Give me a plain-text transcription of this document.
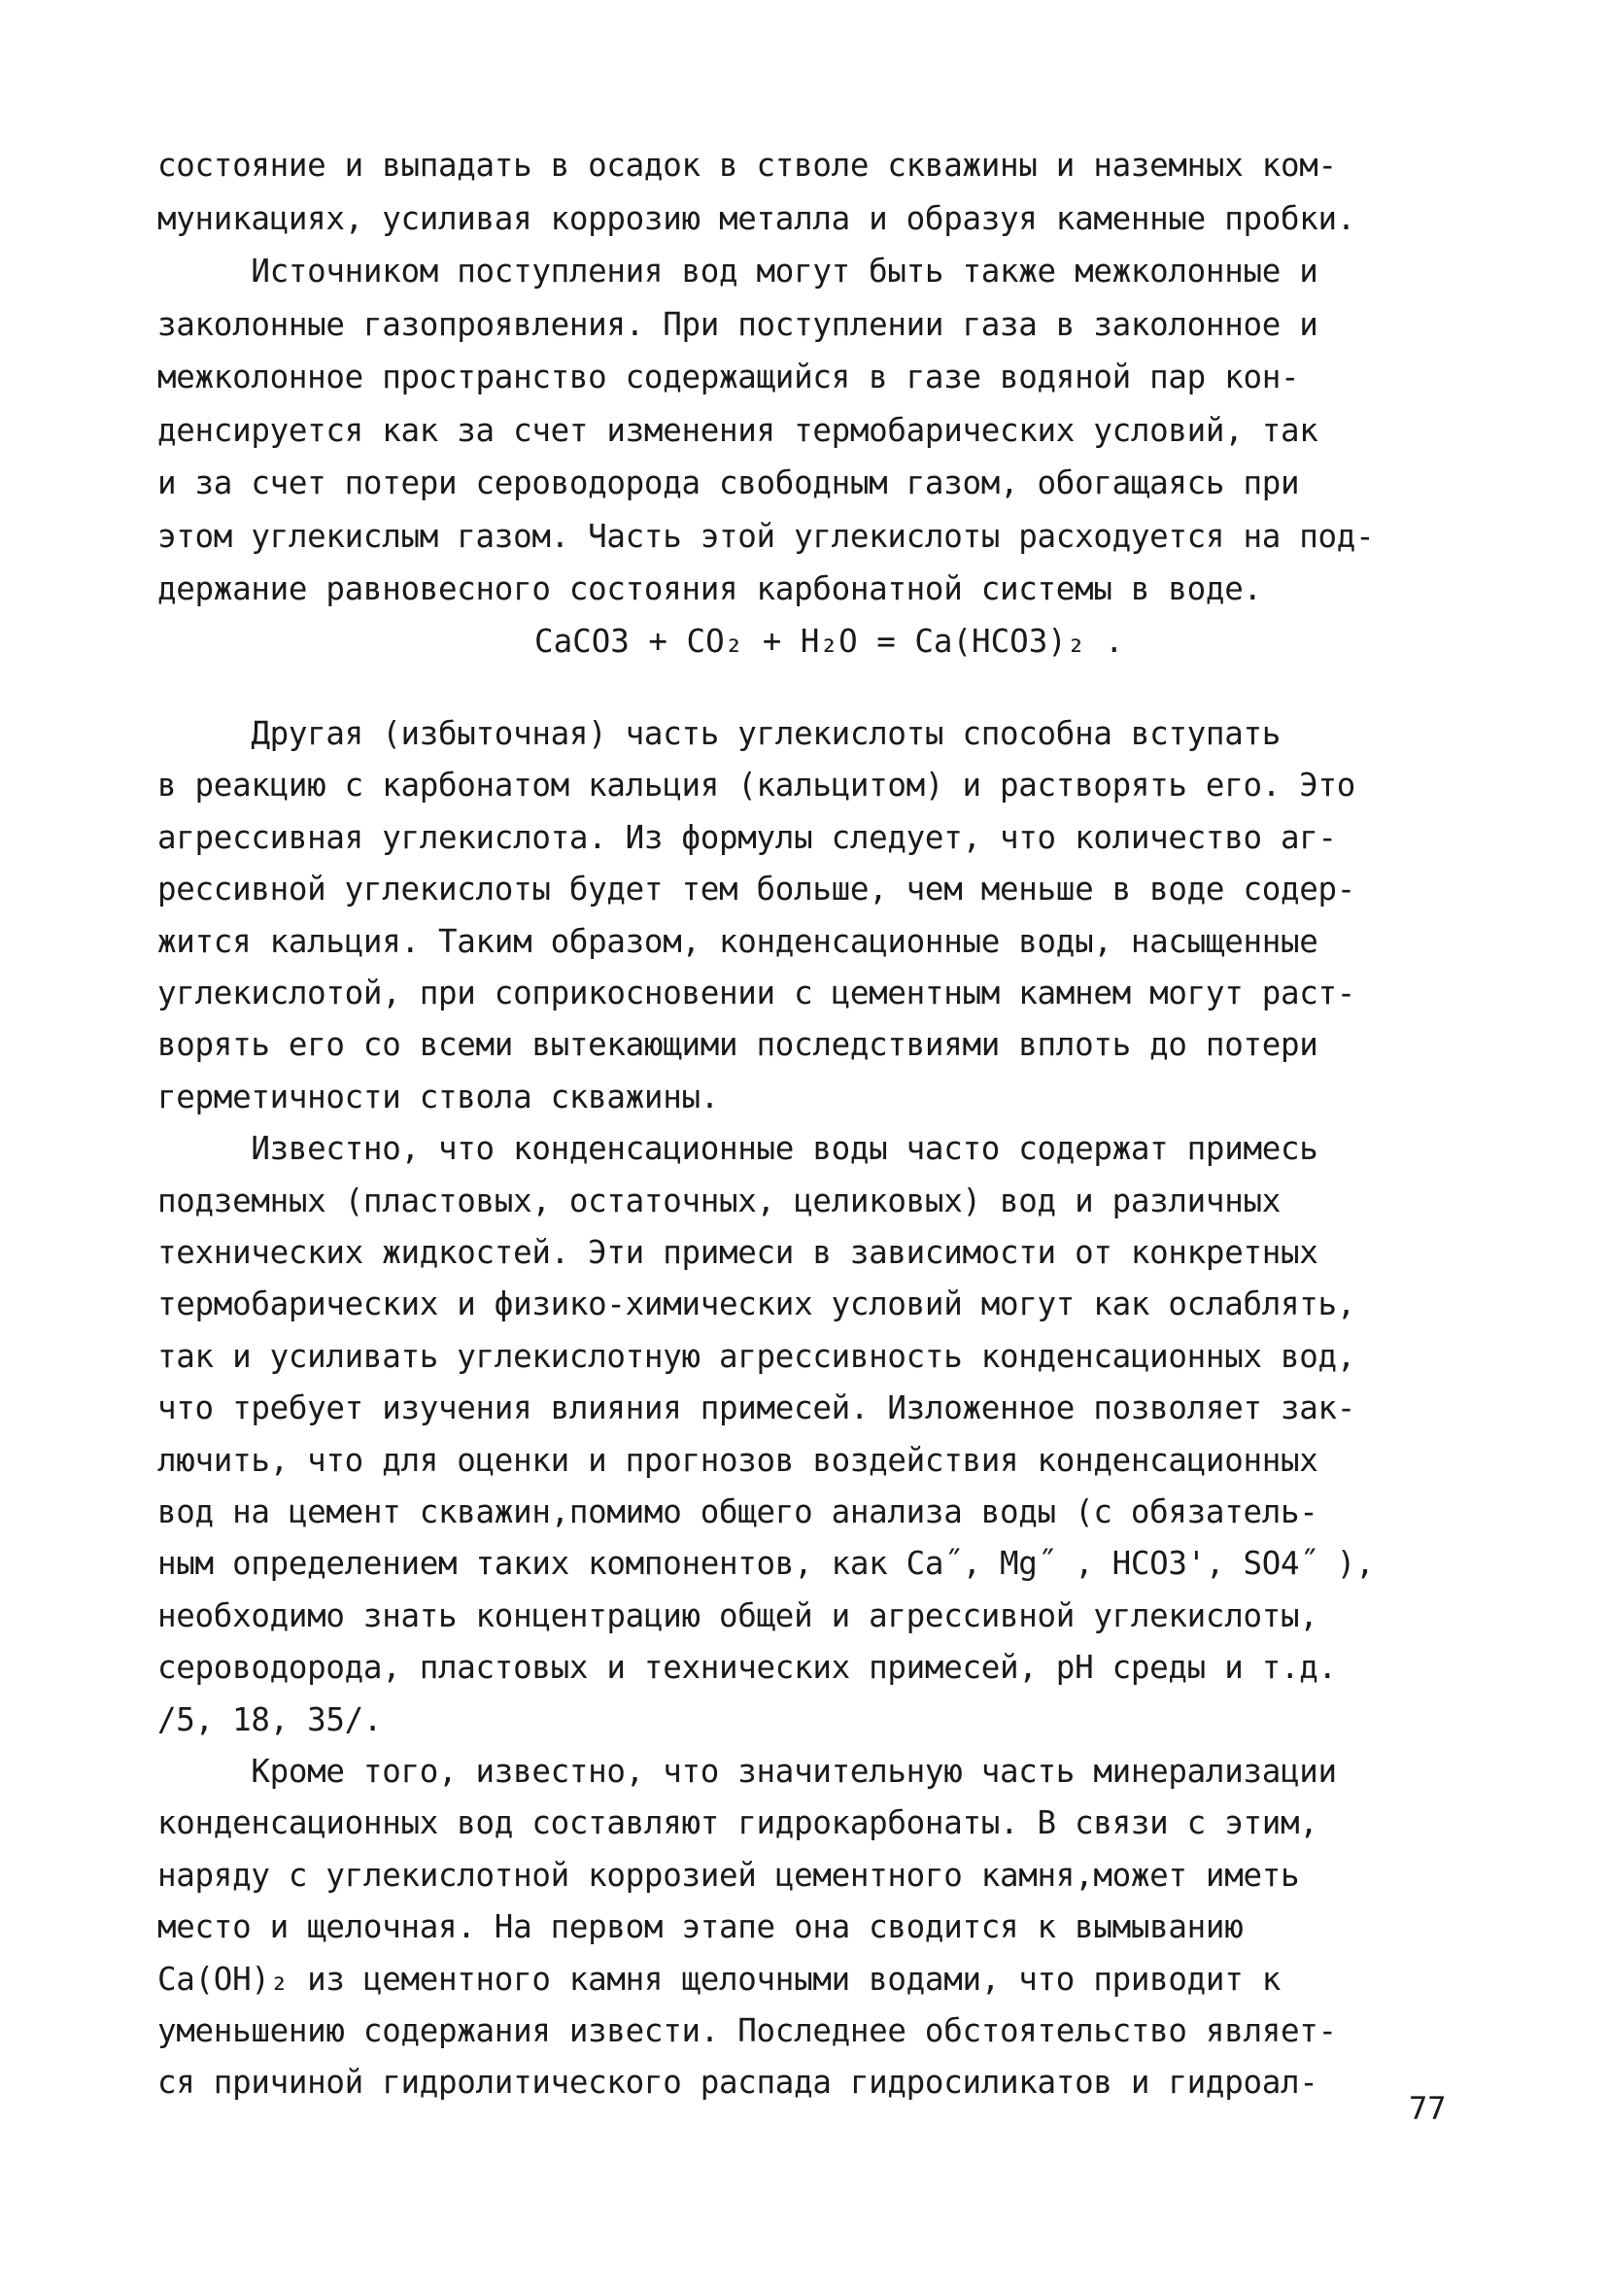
состояние и выпадать в осадок в стволе скважины и наземных ком-
муникациях, усиливая коррозию металла и образуя каменные пробки.
Источником поступления вод могут быть также межколонные и
заколонные газопроявления. При поступлении газа в заколонное и
межколонное пространство содержащийся в газе водяной пар кон-
денсируется как за счет изменения термобарических условий, так
и за счет потери сероводорода свободным газом, обогащаясь при
этом углекислым газом. Часть этой углекислоты расходуется на под-
держание равновесного состояния карбонатной системы в воде.
CaCO3 + CO₂ + H₂O = Ca(HCO3)₂ .
Другая (избыточная) часть углекислоты способна вступать
в реакцию с карбонатом кальция (кальцитом) и растворять его. Это
агрессивная углекислота. Из формулы следует, что количество аг-
рессивной углекислоты будет тем больше, чем меньше в воде содер-
жится кальция. Таким образом, конденсационные воды, насыщенные
углекислотой, при соприкосновении с цементным камнем могут раст-
ворять его со всеми вытекающими последствиями вплоть до потери
герметичности ствола скважины.
Известно, что конденсационные воды часто содержат примесь
подземных (пластовых, остаточных, целиковых) вод и различных
технических жидкостей. Эти примеси в зависимости от конкретных
термобарических и физико-химических условий могут как ослаблять,
так и усиливать углекислотную агрессивность конденсационных вод,
что требует изучения влияния примесей. Изложенное позволяет зак-
лючить, что для оценки и прогнозов воздействия конденсационных
вод на цемент скважин,помимо общего анализа воды (с обязатель-
ным определением таких компонентов, как Ca˝, Mg˝ , HCO3', SO4˝ ),
необходимо знать концентрацию общей и агрессивной углекислоты,
сероводорода, пластовых и технических примесей, pH среды и т.д.
/5, 18, 35/.
Кроме того, известно, что значительную часть минерализации
конденсационных вод составляют гидрокарбонаты. В связи с этим,
наряду с углекислотной коррозией цементного камня,может иметь
место и щелочная. На первом этапе она сводится к вымыванию
Ca(OH)₂ из цементного камня щелочными водами, что приводит к
уменьшению содержания извести. Последнее обстоятельство являет-
ся причиной гидролитического распада гидросиликатов и гидроал-
77
